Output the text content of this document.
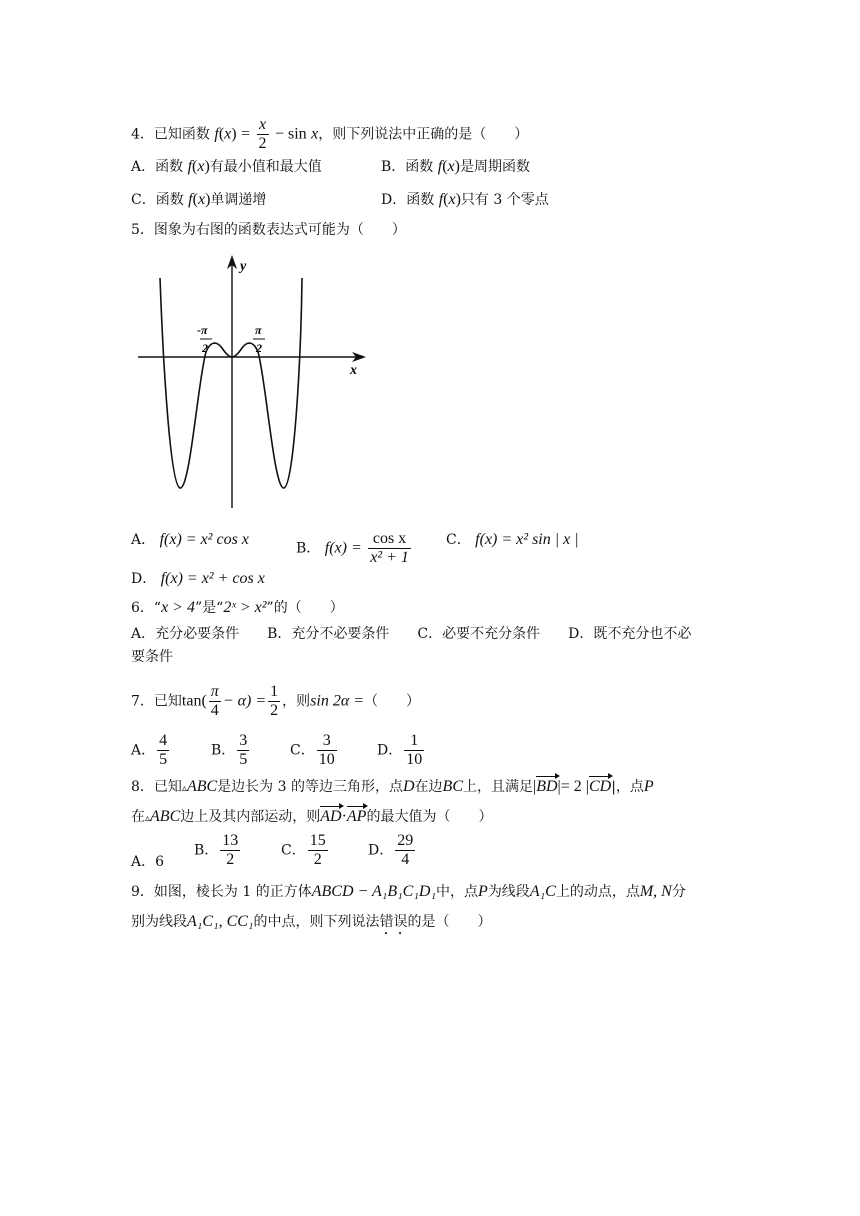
4．已知函数 $f(x) = \frac{x}{2} - \sin x$，则下列说法中正确的是（　　）
A．函数 f(x)有最小值和最大值	B．函数 f(x)是周期函数
C．函数 f(x)单调递增	D．函数 f(x)只有 3 个零点
5．图象为右图的函数表达式可能为（　　）
y
x
-π
2
π
2
A． f(x) = x² cos x
B． $f(x) = \frac{\text{cos x}}{\text{x² + 1}}$	C． f(x) = x² sin | x |
D． f(x) = x² + cos x
6．“x > 4”是“2ˣ > x²”的（　　）
A．充分必要条件　　B．充分不必要条件　　C．必要不充分条件　　D．既不充分也不必
要条件
7．已知$\tan( \frac{\pi}{4} - \alpha) = \frac{1}{2}$ ，则sin 2α =（　　）
A． $\frac{4}{5}$	B． $\frac{3}{5}$	C． $\frac{3}{10}$	D． $\frac{1}{10}$
8．已知▵ABC是边长为 3 的等边三角形，点D在边BC上，且满足|BD|= 2 |CD|，点P
在▵ABC边上及其内部运动，则AD·AP的最大值为（　　）
A．6
B． $\frac{13}{2}$	C． $\frac{15}{2}$	D． $\frac{29}{4}$
9．如图，棱长为 1 的正方体ABCD − A₁B₁C₁D₁中，点P为线段A₁C上的动点，点M, N分
别为线段A₁C₁, CC₁的中点，则下列说法错误的是（　　）
